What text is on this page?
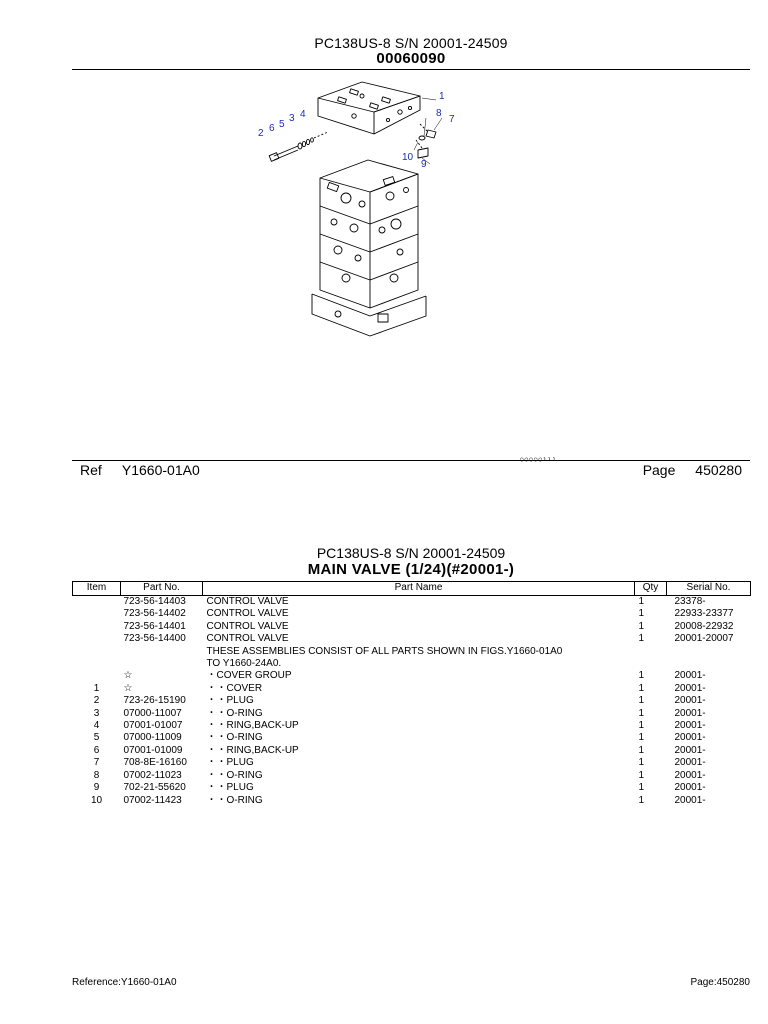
PC138US-8 S/N 20001-24509
00060090
1
2
3 4
5
6
7
8
9
10
○○○○○ııı
Ref Y1660-01A0	Page 450280
PC138US-8 S/N 20001-24509
MAIN VALVE (1/24)(#20001-)
Item	Part No.	Part Name	Qty	Serial No.
	723-56-14403	CONTROL VALVE	1	23378-
	723-56-14402	CONTROL VALVE	1	22933-23377
	723-56-14401	CONTROL VALVE	1	20008-22932
	723-56-14400	CONTROL VALVE	1	20001-20007

		THESE ASSEMBLIES CONSIST OF ALL PARTS SHOWN IN FIGS.Y1660-01A0
TO Y1660-24A0.		

	☆	・COVER GROUP	1	20001-
1	☆	・・COVER	1	20001-
2	723-26-15190	・・PLUG	1	20001-
3	07000-11007	・・O-RING	1	20001-
4	07001-01007	・・RING,BACK-UP	1	20001-
5	07000-11009	・・O-RING	1	20001-
6	07001-01009	・・RING,BACK-UP	1	20001-
7	708-8E-16160	・・PLUG	1	20001-
8	07002-11023	・・O-RING	1	20001-
9	702-21-55620	・・PLUG	1	20001-
10	07002-11423	・・O-RING	1	20001-
Reference:Y1660-01A0	Page:450280
